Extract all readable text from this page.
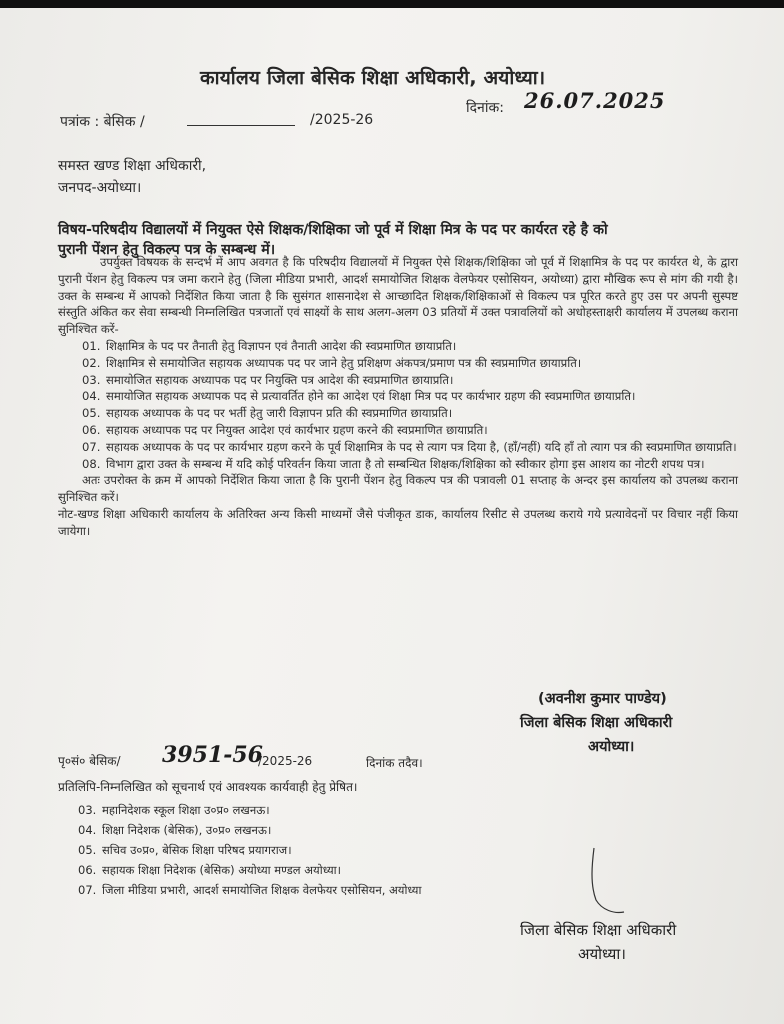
कार्यालय जिला बेसिक शिक्षा अधिकारी, अयोध्या।
पत्रांक : बेसिक /	/2025-26
दिनांक: 26.07.2025
समस्त खण्ड शिक्षा अधिकारी,
जनपद-अयोध्या।
विषय-परिषदीय विद्यालयों में नियुक्त ऐसे शिक्षक/शिक्षिका जो पूर्व में शिक्षा मित्र के पद पर कार्यरत रहे है को
पुरानी पेंशन हेतु विकल्प पत्र के सम्बन्ध में।

उपर्युक्त विषयक के सन्दर्भ में आप अवगत है कि परिषदीय विद्यालयों में नियुक्त ऐसे शिक्षक/शिक्षिका जो पूर्व में शिक्षामित्र के पद पर कार्यरत थे, के द्वारा पुरानी पेंशन हेतु विकल्प पत्र जमा कराने हेतु (जिला मीडिया प्रभारी, आदर्श समायोजित शिक्षक वेलफेयर एसोसियन, अयोध्या) द्वारा मौखिक रूप से मांग की गयी है। उक्त के सम्बन्ध में आपको निर्देशित किया जाता है कि सुसंगत शासनादेश से आच्छादित शिक्षक/शिक्षिकाओं से विकल्प पत्र पूरित करते हुए उस पर अपनी सुस्पष्ट संस्तुति अंकित कर सेवा सम्बन्धी निम्नलिखित पत्रजातों एवं साक्ष्यों के साथ अलग-अलग 03 प्रतियों में उक्त पत्रावलियों को अधोहस्ताक्षरी कार्यालय में उपलब्ध कराना सुनिश्चित करें-

01. शिक्षामित्र के पद पर तैनाती हेतु विज्ञापन एवं तैनाती आदेश की स्वप्रमाणित छायाप्रति।
02. शिक्षामित्र से समायोजित सहायक अध्यापक पद पर जाने हेतु प्रशिक्षण अंकपत्र/प्रमाण पत्र की स्वप्रमाणित छायाप्रति।
03. समायोजित सहायक अध्यापक पद पर नियुक्ति पत्र आदेश की स्वप्रमाणित छायाप्रति।
04. समायोजित सहायक अध्यापक पद से प्रत्यावर्तित होने का आदेश एवं शिक्षा मित्र पद पर कार्यभार ग्रहण की स्वप्रमाणित छायाप्रति।
05. सहायक अध्यापक के पद पर भर्ती हेतु जारी विज्ञापन प्रति की स्वप्रमाणित छायाप्रति।
06. सहायक अध्यापक पद पर नियुक्त आदेश एवं कार्यभार ग्रहण करने की स्वप्रमाणित छायाप्रति।
07. सहायक अध्यापक के पद पर कार्यभार ग्रहण करने के पूर्व शिक्षामित्र के पद से त्याग पत्र दिया है, (हाँ/नहीं) यदि हाँ तो त्याग पत्र की स्वप्रमाणित छायाप्रति।
08. विभाग द्वारा उक्त के सम्बन्ध में यदि कोई परिवर्तन किया जाता है तो सम्बन्धित शिक्षक/शिक्षिका को स्वीकार होगा इस आशय का नोटरी शपथ पत्र।

अतः उपरोक्त के क्रम में आपको निर्देशित किया जाता है कि पुरानी पेंशन हेतु विकल्प पत्र की पत्रावली 01 सप्ताह के अन्दर इस कार्यालय को उपलब्ध कराना सुनिश्चित करें।

नोट-खण्ड शिक्षा अधिकारी कार्यालय के अतिरिक्त अन्य किसी माध्यमों जैसे पंजीकृत डाक, कार्यालय रिसीट से उपलब्ध कराये गये प्रत्यावेदनों पर विचार नहीं किया जायेगा।

(अवनीश कुमार पाण्डेय)
जिला बेसिक शिक्षा अधिकारी
अयोध्या।
पृ०सं० बेसिक/ 3951-56
/2025-26	दिनांक तदैव।
प्रतिलिपि-निम्नलिखित को सूचनार्थ एवं आवश्यक कार्यवाही हेतु प्रेषित।
03. महानिदेशक स्कूल शिक्षा उ०प्र० लखनऊ।
04. शिक्षा निदेशक (बेसिक), उ०प्र० लखनऊ।
05. सचिव उ०प्र०, बेसिक शिक्षा परिषद प्रयागराज।
06. सहायक शिक्षा निदेशक (बेसिक) अयोध्या मण्डल अयोध्या।
07. जिला मीडिया प्रभारी, आदर्श समायोजित शिक्षक वेलफेयर एसोसियन, अयोध्या
जिला बेसिक शिक्षा अधिकारी
अयोध्या।
